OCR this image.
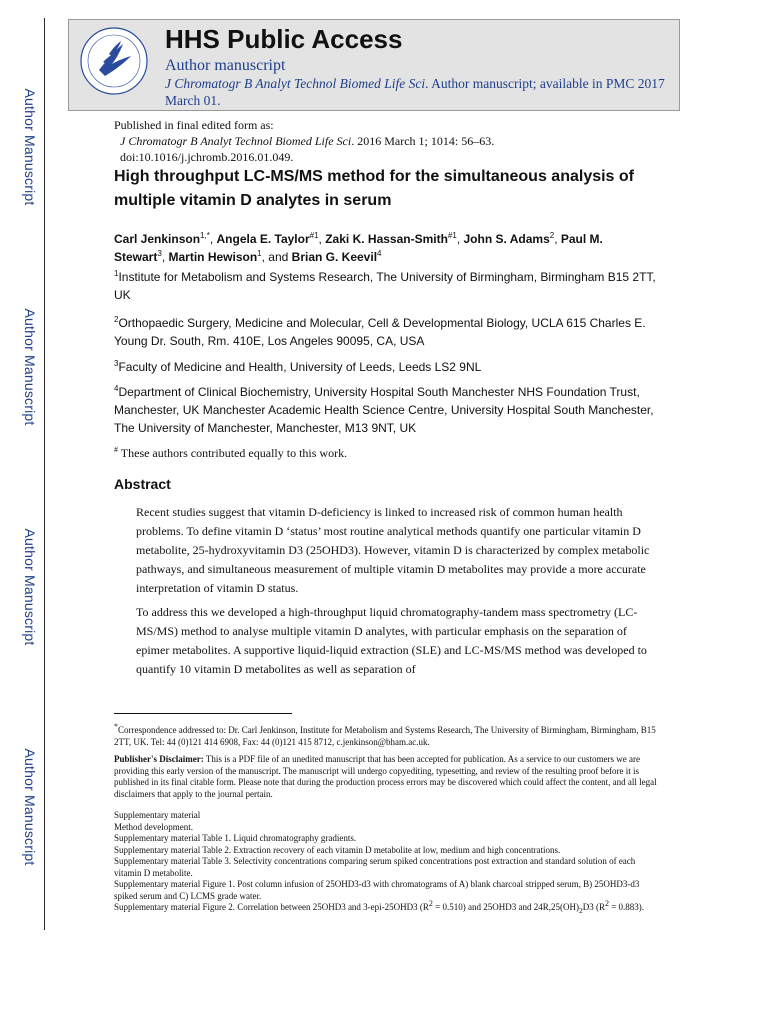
Author Manuscript
Author Manuscript
Author Manuscript
Author Manuscript
HHS Public Access
Author manuscript
J Chromatogr B Analyt Technol Biomed Life Sci. Author manuscript; available in PMC 2017 March 01.
Published in final edited form as:
J Chromatogr B Analyt Technol Biomed Life Sci. 2016 March 1; 1014: 56–63. doi:10.1016/j.jchromb.2016.01.049.
High throughput LC-MS/MS method for the simultaneous analysis of multiple vitamin D analytes in serum
Carl Jenkinson$^{1,*}$, Angela E. Taylor$^{\#1}$, Zaki K. Hassan-Smith$^{\#1}$, John S. Adams$^2$, Paul M. Stewart$^3$, Martin Hewison$^1$, and Brian G. Keevil$^4$
$^1$Institute for Metabolism and Systems Research, The University of Birmingham, Birmingham B15 2TT, UK
$^2$Orthopaedic Surgery, Medicine and Molecular, Cell & Developmental Biology, UCLA 615 Charles E. Young Dr. South, Rm. 410E, Los Angeles 90095, CA, USA
$^3$Faculty of Medicine and Health, University of Leeds, Leeds LS2 9NL
$^4$Department of Clinical Biochemistry, University Hospital South Manchester NHS Foundation Trust, Manchester, UK Manchester Academic Health Science Centre, University Hospital South Manchester, The University of Manchester, Manchester, M13 9NT, UK
# These authors contributed equally to this work.
Abstract
Recent studies suggest that vitamin D-deficiency is linked to increased risk of common human health problems. To define vitamin D ‘status’ most routine analytical methods quantify one particular vitamin D metabolite, 25-hydroxyvitamin D3 (25OHD3). However, vitamin D is characterized by complex metabolic pathways, and simultaneous measurement of multiple vitamin D metabolites may provide a more accurate interpretation of vitamin D status.
To address this we developed a high-throughput liquid chromatography-tandem mass spectrometry (LC-MS/MS) method to analyse multiple vitamin D analytes, with particular emphasis on the separation of epimer metabolites. A supportive liquid-liquid extraction (SLE) and LC-MS/MS method was developed to quantify 10 vitamin D metabolites as well as separation of
*Correspondence addressed to: Dr. Carl Jenkinson, Institute for Metabolism and Systems Research, The University of Birmingham, Birmingham, B15 2TT, UK. Tel: 44 (0)121 414 6908, Fax: 44 (0)121 415 8712, c.jenkinson@bham.ac.uk.
Publisher's Disclaimer: This is a PDF file of an unedited manuscript that has been accepted for publication. As a service to our customers we are providing this early version of the manuscript. The manuscript will undergo copyediting, typesetting, and review of the resulting proof before it is published in its final citable form. Please note that during the production process errors may be discovered which could affect the content, and all legal disclaimers that apply to the journal pertain.
Supplementary material
Method development.
Supplementary material Table 1. Liquid chromatography gradients.
Supplementary material Table 2. Extraction recovery of each vitamin D metabolite at low, medium and high concentrations.
Supplementary material Table 3. Selectivity concentrations comparing serum spiked concentrations post extraction and standard solution of each vitamin D metabolite.
Supplementary material Figure 1. Post column infusion of 25OHD3-d3 with chromatograms of A) blank charcoal stripped serum, B) 25OHD3-d3 spiked serum and C) LCMS grade water.
Supplementary material Figure 2. Correlation between 25OHD3 and 3-epi-25OHD3 $(R^2 = 0.510)$ and 25OHD3 and $24R,25(OH)_2D3$ $(R^2 = 0.883)$.
